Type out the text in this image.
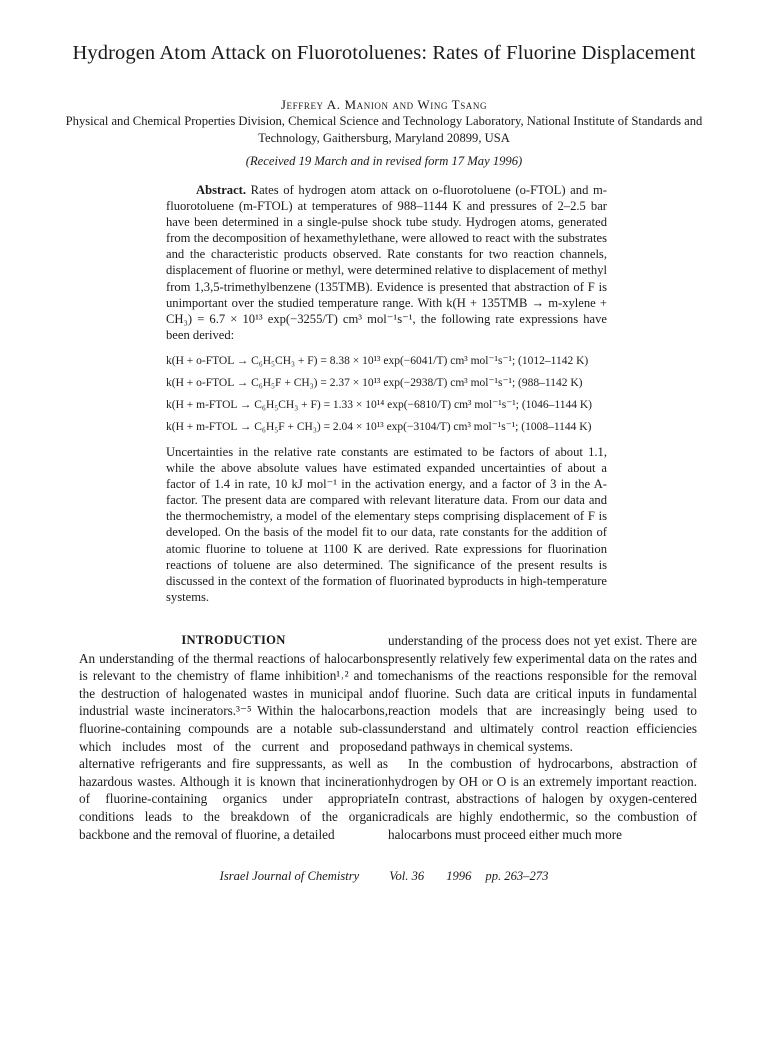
Hydrogen Atom Attack on Fluorotoluenes: Rates of Fluorine Displacement
Jeffrey A. Manion and Wing Tsang
Physical and Chemical Properties Division, Chemical Science and Technology Laboratory, National Institute of Standards and Technology, Gaithersburg, Maryland 20899, USA
(Received 19 March and in revised form 17 May 1996)

Abstract. Rates of hydrogen atom attack on o-fluorotoluene (o-FTOL) and m-fluorotoluene (m-FTOL) at temperatures of 988–1144 K and pressures of 2–2.5 bar have been determined in a single-pulse shock tube study. Hydrogen atoms, generated from the decomposition of hexamethylethane, were allowed to react with the substrates and the characteristic products observed. Rate constants for two reaction channels, displacement of fluorine or methyl, were determined relative to displacement of methyl from 1,3,5-trimethylbenzene (135TMB). Evidence is presented that abstraction of F is unimportant over the studied temperature range. With k(H + 135TMB → m-xylene + CH₃) = 6.7 × 10¹³ exp(−3255/T) cm³ mol⁻¹s⁻¹, the following rate expressions have been derived:

k(H + o-FTOL → C₆H₅CH₃ + F) = 8.38 × 10¹³ exp(−6041/T) cm³ mol⁻¹s⁻¹; (1012–1142 K)
k(H + o-FTOL → C₆H₅F + CH₃) = 2.37 × 10¹³ exp(−2938/T) cm³ mol⁻¹s⁻¹; (988–1142 K)
k(H + m-FTOL → C₆H₅CH₃ + F) = 1.33 × 10¹⁴ exp(−6810/T) cm³ mol⁻¹s⁻¹; (1046–1144 K)
k(H + m-FTOL → C₆H₅F + CH₃) = 2.04 × 10¹³ exp(−3104/T) cm³ mol⁻¹s⁻¹; (1008–1144 K)

Uncertainties in the relative rate constants are estimated to be factors of about 1.1, while the above absolute values have estimated expanded uncertainties of about a factor of 1.4 in rate, 10 kJ mol⁻¹ in the activation energy, and a factor of 3 in the A-factor. The present data are compared with relevant literature data. From our data and the thermochemistry, a model of the elementary steps comprising displacement of F is developed. On the basis of the model fit to our data, rate constants for the addition of atomic fluorine to toluene at 1100 K are derived. Rate expressions for fluorination reactions of toluene are also determined. The significance of the present results is discussed in the context of the formation of fluorinated byproducts in high-temperature systems.

INTRODUCTION

An understanding of the thermal reactions of halocarbons is relevant to the chemistry of flame inhibition¹˒² and to the destruction of halogenated wastes in municipal and industrial waste incinerators.³⁻⁵ Within the halocarbons, fluorine-containing compounds are a notable sub-class which includes most of the current and proposed alternative refrigerants and fire suppressants, as well as hazardous wastes. Although it is known that incineration of fluorine-containing organics under appropriate conditions leads to the breakdown of the organic backbone and the removal of fluorine, a detailed

understanding of the process does not yet exist. There are presently relatively few experimental data on the rates and mechanisms of the reactions responsible for the removal of fluorine. Such data are critical inputs in fundamental reaction models that are increasingly being used to understand and ultimately control reaction efficiencies and pathways in chemical systems.

In the combustion of hydrocarbons, abstraction of hydrogen by OH or O is an extremely important reaction. In contrast, abstractions of halogen by oxygen-centered radicals are highly endothermic, so the combustion of halocarbons must proceed either much more

Israel Journal of Chemistry Vol. 36 1996 pp. 263–273
